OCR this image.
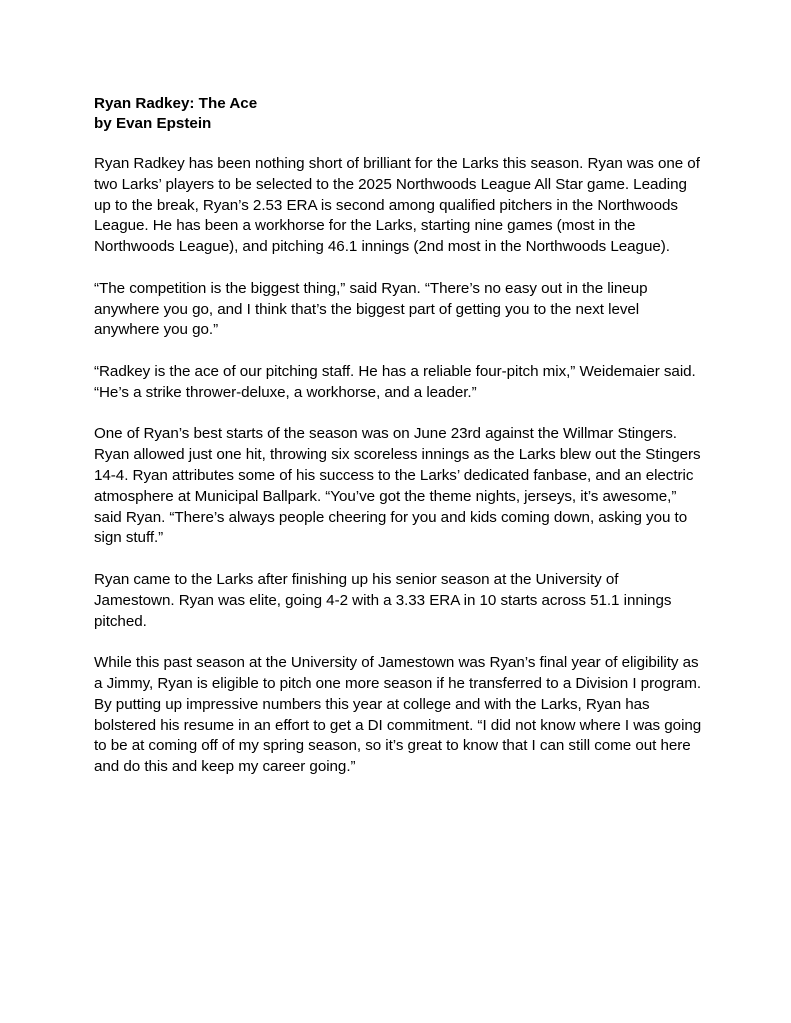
Ryan Radkey: The Ace

by Evan Epstein

Ryan Radkey has been nothing short of brilliant for the Larks this season. Ryan was one of two Larks’ players to be selected to the 2025 Northwoods League All Star game. Leading up to the break, Ryan’s 2.53 ERA is second among qualified pitchers in the Northwoods League. He has been a workhorse for the Larks, starting nine games (most in the Northwoods League), and pitching 46.1 innings (2nd most in the Northwoods League).

“The competition is the biggest thing,” said Ryan. “There’s no easy out in the lineup anywhere you go, and I think that’s the biggest part of getting you to the next level anywhere you go.”

“Radkey is the ace of our pitching staff. He has a reliable four-pitch mix,” Weidemaier said. “He’s a strike thrower-deluxe, a workhorse, and a leader.”

One of Ryan’s best starts of the season was on June 23rd against the Willmar Stingers. Ryan allowed just one hit, throwing six scoreless innings as the Larks blew out the Stingers 14-4. Ryan attributes some of his success to the Larks’ dedicated fanbase, and an electric atmosphere at Municipal Ballpark. “You’ve got the theme nights, jerseys, it’s awesome,” said Ryan. “There’s always people cheering for you and kids coming down, asking you to sign stuff.”

Ryan came to the Larks after finishing up his senior season at the University of Jamestown. Ryan was elite, going 4-2 with a 3.33 ERA in 10 starts across 51.1 innings pitched.

While this past season at the University of Jamestown was Ryan’s final year of eligibility as a Jimmy, Ryan is eligible to pitch one more season if he transferred to a Division I program. By putting up impressive numbers this year at college and with the Larks, Ryan has bolstered his resume in an effort to get a DI commitment. “I did not know where I was going to be at coming off of my spring season, so it’s great to know that I can still come out here and do this and keep my career going.”
